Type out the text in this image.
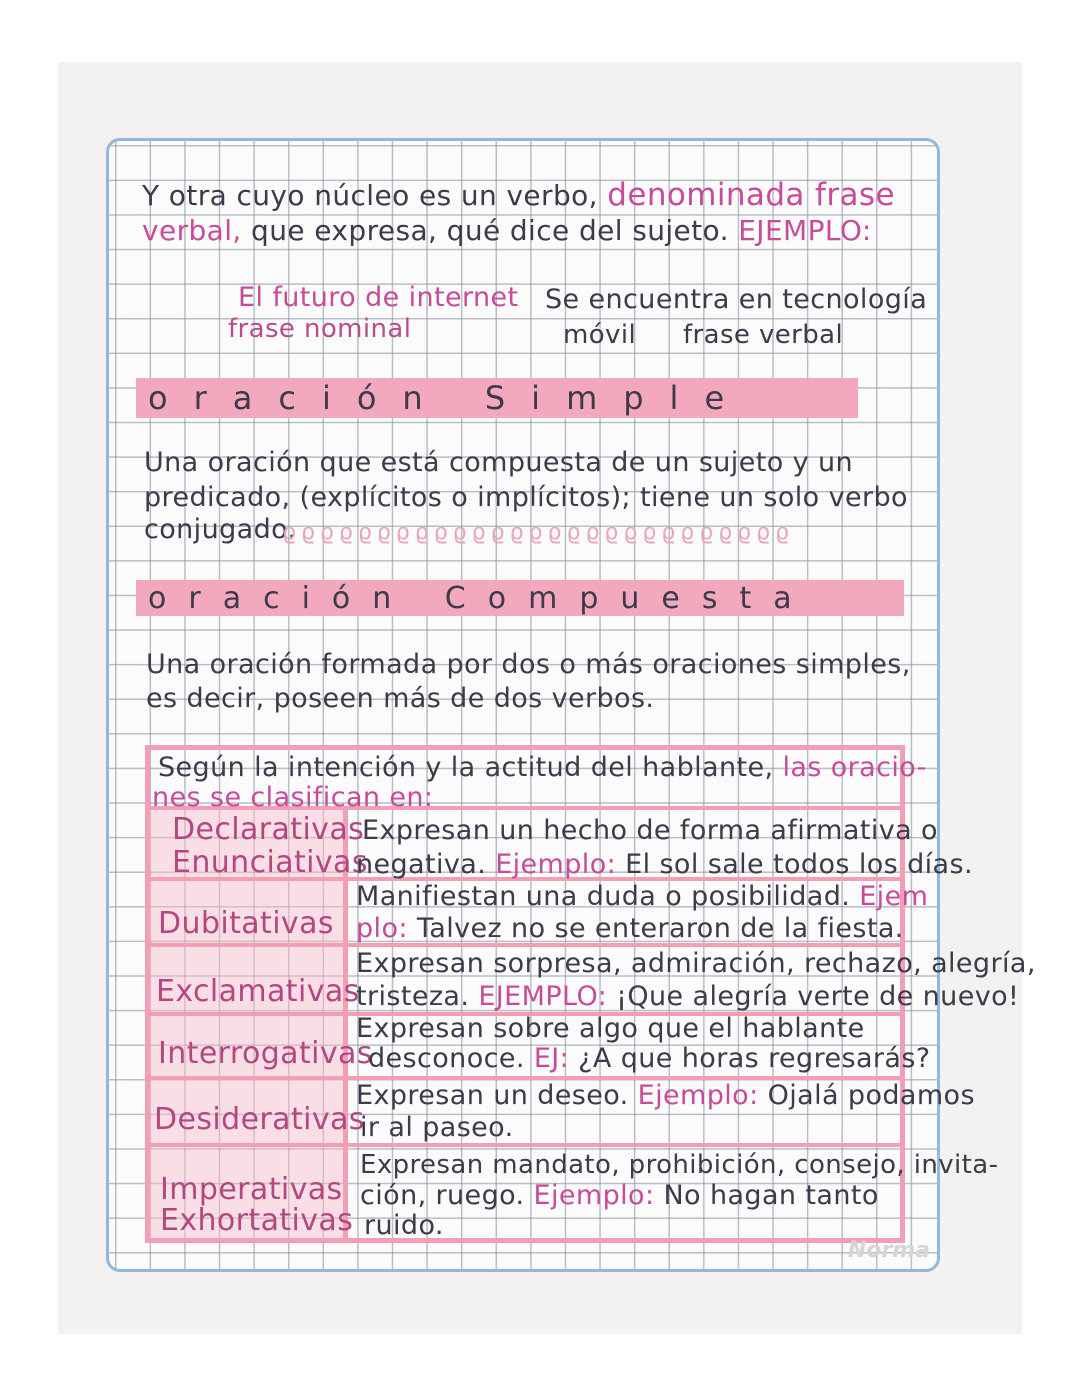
Y otra cuyo núcleo es un verbo, denominada frase
verbal, que expresa, qué dice del sujeto. EJEMPLO:
El futuro de internet Se encuentra en tecnología
frase nominal	móvil frase verbal
oración Simple
Una oración que está compuesta de un sujeto y un
predicado, (explícitos o implícitos); tiene un solo verbo
conjugado.
ϱϱϱϱϱϱϱϱϱϱϱϱϱϱϱϱϱϱϱϱϱϱϱϱϱϱϱ
oración Compuesta
Una oración formada por dos o más oraciones simples,
es decir, poseen más de dos verbos.
Según la intención y la actitud del hablante, las oracio-
nes se clasifican en:
Declarativas
Enunciativas
Expresan un hecho de forma afirmativa o
negativa. Ejemplo: El sol sale todos los días.
Dubitativas
Manifiestan una duda o posibilidad. Ejem
plo: Talvez no se enteraron de la fiesta.
Exclamativas
Expresan sorpresa, admiración, rechazo, alegría,
tristeza. EJEMPLO: ¡Que alegría verte de nuevo!
Interrogativas
Expresan sobre algo que el hablante
desconoce. EJ: ¿A que horas regresarás?
Desiderativas
Expresan un deseo. Ejemplo: Ojalá podamos
ir al paseo.
Imperativas
Exhortativas
Expresan mandato, prohibición, consejo, invita-
ción, ruego. Ejemplo: No hagan tanto
ruido.
Norma
